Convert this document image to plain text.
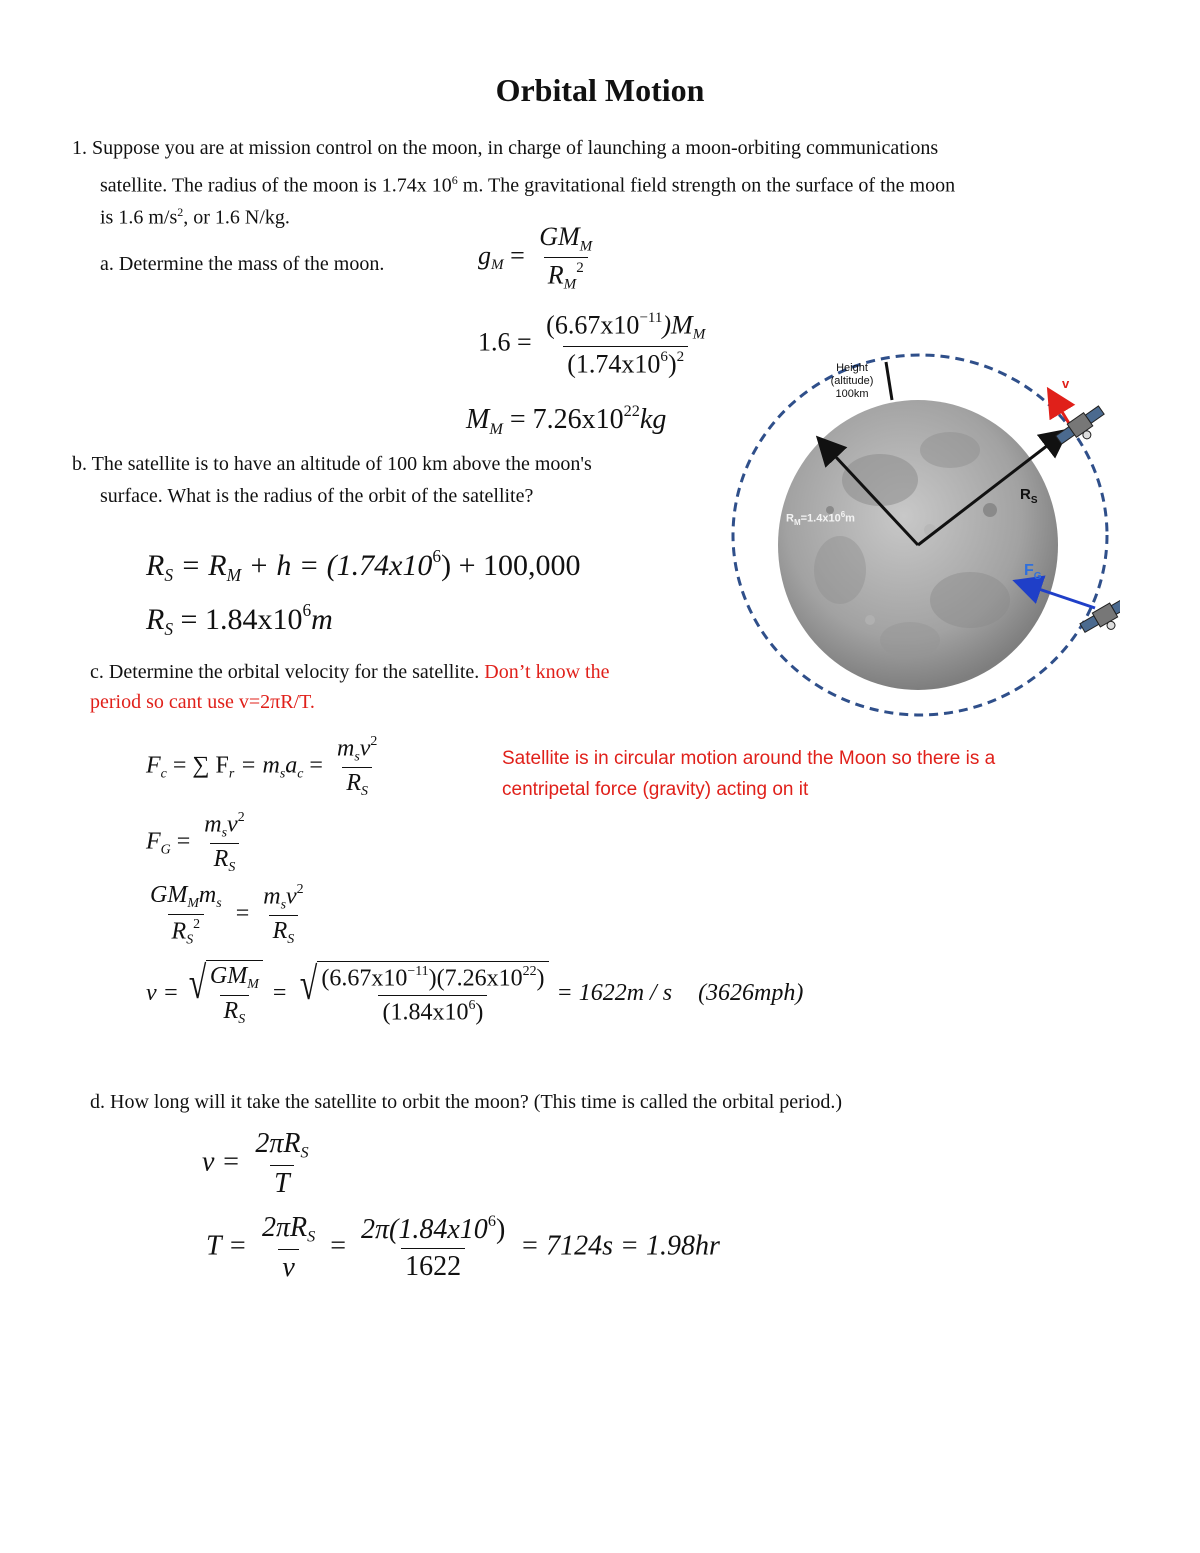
Orbital Motion
1. Suppose you are at mission control on the moon, in charge of launching a moon-orbiting communications
satellite. The radius of the moon is 1.74x $10^6$ m. The gravitational field strength on the surface of the moon
is 1.6 $m/s^2$, or 1.6 N/kg.
a. Determine the mass of the moon.	$g_M = \frac{GM_M}{R_M^2}$
$1.6 = \frac{(6.67x10^{-11})M_M}{(1.74x10^6)^2}$
$M_M = 7.26x10^{22}kg$
b. The satellite is to have an altitude of 100 km above the moon's
surface. What is the radius of the orbit of the satellite?
$R_S = R_M + h = (1.74x10^6) + 100,000$
$R_S = 1.84x10^6m$
c. Determine the orbital velocity for the satellite. Don’t know the
period so cant use v=2πR/T.
Satellite is in circular motion around the Moon so there is a
centripetal force (gravity) acting on it
$F_c$ = ∑ $F_r = m_sa_c = \frac{m_sv^2}{R_S}$
$F_G = \frac{m_sv^2}{R_S}$
$\frac{GM_Mm_s}{R_S^2} = \frac{m_sv^2}{R_S}$
v = √ $\frac{GM_M}{R_S}$ = √ $\frac{(6.67x10^{-11})(7.26x10^{22})}{(1.84x10^6)} = 1622m / s$ (3626mph)
d. How long will it take the satellite to orbit the moon? (This time is called the orbital period.)
$v = \frac{2\pi R_S}{T}$
$T = \frac{2\pi R_S}{v} = \frac{2\pi(1.84x10^6)}{1622} = 7124s = 1.98hr$
Height
(altitude)
100km
v
$R_S$
$R_M=1.4x10^6m$
$F_G$
